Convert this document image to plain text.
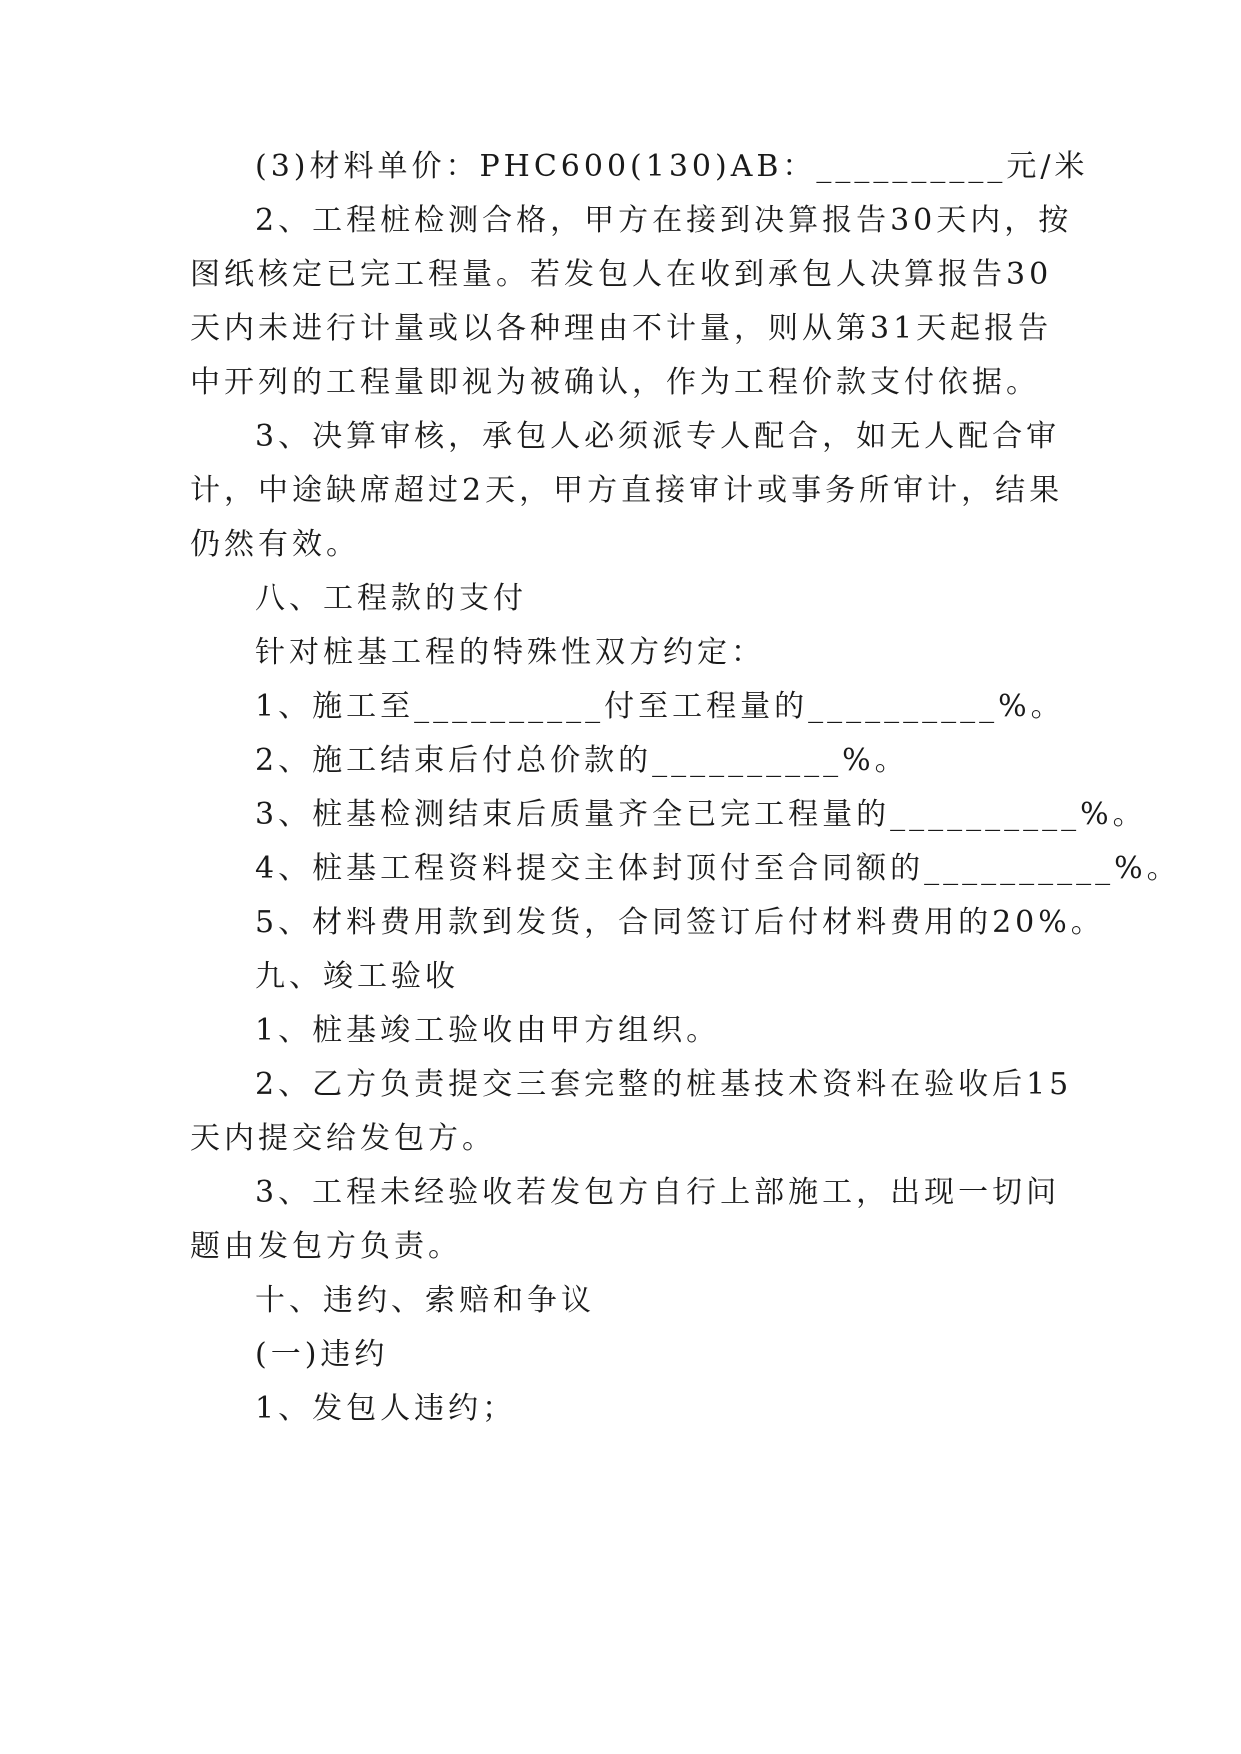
(3)材料单价：PHC600(130)AB：__________元/米
2、工程桩检测合格，甲方在接到决算报告30天内，按
图纸核定已完工程量。若发包人在收到承包人决算报告30
天内未进行计量或以各种理由不计量，则从第31天起报告
中开列的工程量即视为被确认，作为工程价款支付依据。
3、决算审核，承包人必须派专人配合，如无人配合审
计，中途缺席超过2天，甲方直接审计或事务所审计，结果
仍然有效。
八、工程款的支付
针对桩基工程的特殊性双方约定：
1、施工至__________付至工程量的__________%。
2、施工结束后付总价款的__________%。
3、桩基检测结束后质量齐全已完工程量的__________%。
4、桩基工程资料提交主体封顶付至合同额的__________%。
5、材料费用款到发货，合同签订后付材料费用的20%。
九、竣工验收
1、桩基竣工验收由甲方组织。
2、乙方负责提交三套完整的桩基技术资料在验收后15
天内提交给发包方。
3、工程未经验收若发包方自行上部施工，出现一切问
题由发包方负责。
十、违约、索赔和争议
(一)违约
1、发包人违约；
